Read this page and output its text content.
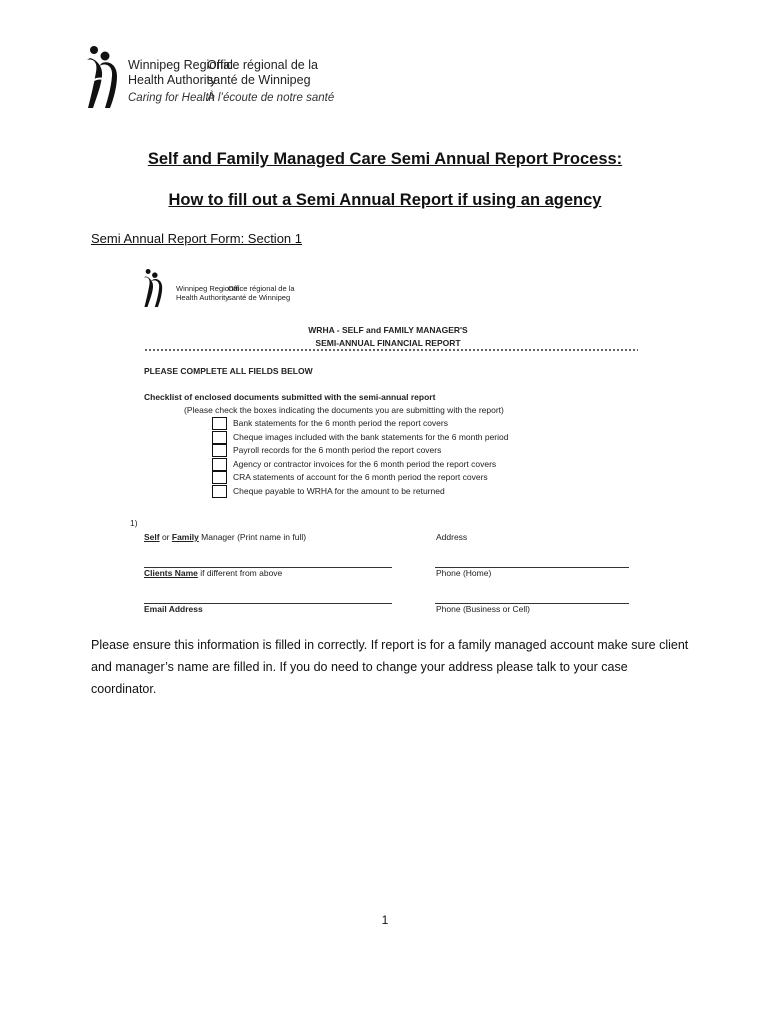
Winnipeg Regional
Health Authority
Office régional de la
santé de Winnipeg
Caring for Health
À l’écoute de notre santé
Self and Family Managed Care Semi Annual Report Process:
How to fill out a Semi Annual Report if using an agency
Semi Annual Report Form: Section 1
Winnipeg Regional
Health Authority
Office régional de la
santé de Winnipeg
WRHA - SELF and FAMILY MANAGER'S
SEMI-ANNUAL FINANCIAL REPORT
PLEASE COMPLETE ALL FIELDS BELOW
Checklist of enclosed documents submitted with the semi-annual report
(Please check the boxes indicating the documents you are submitting with the report)
Bank statements for the 6 month period the report covers
Cheque images included with the bank statements for the 6 month period
Payroll records for the 6 month period the report covers
Agency or contractor invoices for the 6 month period the report covers
CRA statements of account for the 6 month period the report covers
Cheque payable to WRHA for the amount to be returned
1)
Self or Family Manager (Print name in full)	Address
Clients Name if different from above	Phone (Home)
Email Address	Phone (Business or Cell)
Please ensure this information is filled in correctly. If report is for a family managed account make sure client and manager’s name are filled in. If you do need to change your address please talk to your case coordinator.
1
